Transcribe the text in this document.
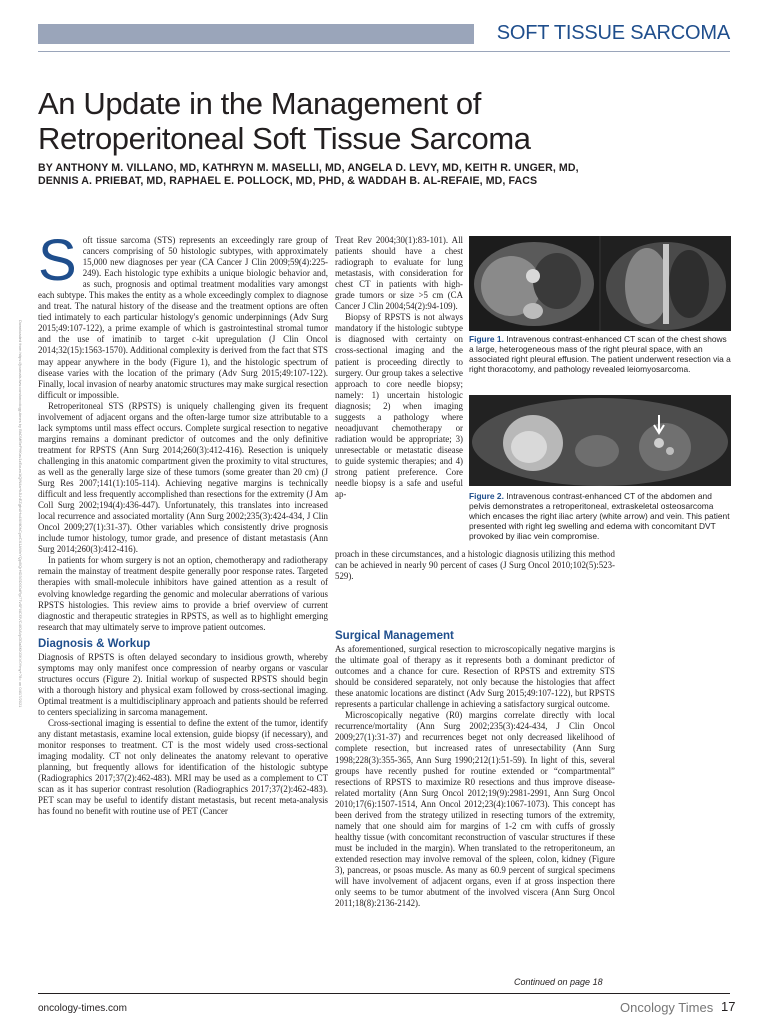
SOFT TISSUE SARCOMA
An Update in the Management of
Retroperitoneal Soft Tissue Sarcoma
BY ANTHONY M. VILLANO, MD, KATHRYN M. MASELLI, MD, ANGELA D. LEVY, MD, KEITH R. UNGER, MD,
DENNIS A. PRIEBAT, MD, RAPHAEL E. POLLOCK, MD, PHD, & WADDAH B. AL-REFAIE, MD, FACS
Downloaded from https://journals.lww.com/oncology-times by BhDMf5ePHKav1zEoum1tQfN4a+kJLhEZgbsIHo4XMi0hCywCX1AWnYQp/IlQrHD3i3D0OdRyi7TvSFl4Cf3VC4/OAVpDDa8KKGKV0Ymy+78= on 04/17/2021
S oft tissue sarcoma (STS) represents an exceedingly rare group of cancers comprising of 50 histologic subtypes, with approximately 15,000 new diagnoses per year (CA Cancer J Clin 2009;59(4):225-249). Each histologic type exhibits a unique biologic behavior and, as such, prognosis and optimal treatment modalities vary amongst each subtype. This makes the entity as a whole exceedingly complex to diagnose and treat. The natural history of the disease and the treatment options are often tied intimately to each particular histology's genomic underpinnings (Adv Surg 2015;49:107-122), a prime example of which is gastrointestinal stromal tumor and the use of imatinib to target c-kit upregulation (J Clin Oncol 2014;32(15):1563-1570). Additional complexity is derived from the fact that STS may appear anywhere in the body (Figure 1), and the histologic spectrum of disease varies with the location of the primary (Adv Surg 2015;49:107-122). Finally, local invasion of nearby anatomic structures may make surgical resection difficult or impossible.

Retroperitoneal STS (RPSTS) is uniquely challenging given its frequent involvement of adjacent organs and the often-large tumor size attributable to a lack symptoms until mass effect occurs. Complete surgical resection to negative margins remains a dominant predictor of outcomes and the only definitive treatment for RPSTS (Ann Surg 2014;260(3):412-416). Resection is uniquely challenging in this anatomic compartment given the proximity to vital structures, as well as the generally large size of these tumors (some greater than 20 cm) (J Surg Res 2007;141(1):105-114). Achieving negative margins is technically difficult and less frequently accomplished than resections for the extremity (J Am Coll Surg 2002;194(4):436-447). Unfortunately, this translates into increased local recurrence and associated mortality (Ann Surg 2002;235(3):424-434, J Clin Oncol 2009;27(1):31-37). Other variables which consistently drive prognosis include tumor histology, tumor grade, and presence of distant metastasis (Ann Surg 2014;260(3):412-416).

In patients for whom surgery is not an option, chemotherapy and radiotherapy remain the mainstay of treatment despite generally poor response rates. Targeted therapies with small-molecule inhibitors have gained attention as a result of evolving knowledge regarding the genomic and molecular aberrations of various RPSTS histologies. This review aims to provide a brief overview of current diagnostic and therapeutic strategies in RPSTS, as well as to highlight emerging research that may ultimately serve to improve patient outcomes.

Diagnosis & Workup

Diagnosis of RPSTS is often delayed secondary to insidious growth, whereby symptoms may only manifest once compression of nearby organs or vascular structures occurs (Figure 2). Initial workup of suspected RPSTS should begin with a thorough history and physical exam followed by cross-sectional imaging. Optimal treatment is a multidisciplinary approach and patients should be referred to centers specializing in sarcoma management.

Cross-sectional imaging is essential to define the extent of the tumor, identify any distant metastasis, examine local extension, guide biopsy (if necessary), and monitor responses to treatment. CT is the most widely used cross-sectional imaging modality. CT not only delineates the anatomy relevant to operative planning, but frequently allows for identification of the histologic subtype (Radiographics 2017;37(2):462-483). MRI may be used as a complement to CT scan as it has superior contrast resolution (Radiographics 2017;37(2):462-483). PET scan may be useful to identify distant metastasis, but recent meta-analysis has found no benefit with routine use of PET (Cancer

Treat Rev 2004;30(1):83-101). All patients should have a chest radiograph to evaluate for lung metastasis, with consideration for chest CT in patients with high-grade tumors or size >5 cm (CA Cancer J Clin 2004;54(2):94-109).

Biopsy of RPSTS is not always mandatory if the histologic subtype is diagnosed with certainty on cross-sectional imaging and the patient is proceeding directly to surgery. Our group takes a selective approach to core needle biopsy; namely: 1) uncertain histologic diagnosis; 2) when imaging suggests a pathology where neoadjuvant chemotherapy or radiation would be appropriate; 3) unresectable or metastatic disease to guide systemic therapies; and 4) strong patient preference. Core needle biopsy is a safe and useful ap-

proach in these circumstances, and a histologic diagnosis utilizing this method can be achieved in nearly 90 percent of cases (J Surg Oncol 2010;102(5):523-529).

Surgical Management

As aforementioned, surgical resection to microscopically negative margins is the ultimate goal of therapy as it represents both a dominant predictor of outcomes and a chance for cure. Resection of RPSTS and extremity STS should be considered separately, not only because the histologies that affect these anatomic locations are distinct (Adv Surg 2015;49:107-122), but RPSTS represents a particular challenge in achieving a satisfactory surgical outcome.

Microscopically negative (R0) margins correlate directly with local recurrence/mortality (Ann Surg 2002;235(3):424-434, J Clin Oncol 2009;27(1):31-37) and recurrences beget not only decreased likelihood of complete resection, but increased rates of unresectability (Ann Surg 1998;228(3):355-365, Ann Surg 1990;212(1):51-59). In light of this, several groups have recently pushed for routine extended or “compartmental” resections of RPSTS to maximize R0 resections and thus improve disease-related mortality (Ann Surg Oncol 2012;19(9):2981-2991, Ann Surg Oncol 2010;17(6):1507-1514, Ann Oncol 2012;23(4):1067-1073). This concept has been derived from the strategy utilized in resecting tumors of the extremity, namely that one should aim for margins of 1-2 cm with cuffs of grossly healthy tissue (with concomitant reconstruction of vascular structures if these must be included in the margin). When translated to the retroperitoneum, an extended resection may involve removal of the spleen, colon, kidney (Figure 3), pancreas, or psoas muscle. As many as 60.9 percent of surgical specimens will have involvement of adjacent organs, even if at gross inspection there only seems to be tumor abutment of the involved viscera (Ann Surg Oncol 2011;18(8):2136-2142).

Figure 1. Intravenous contrast-enhanced CT scan of the chest shows a large, heterogeneous mass of the right pleural space, with an associated right pleural effusion. The patient underwent resection via a right thoracotomy, and pathology revealed leiomyosarcoma.
Figure 2. Intravenous contrast-enhanced CT of the abdomen and pelvis demonstrates a retroperitoneal, extraskeletal osteosarcoma which encases the right iliac artery (white arrow) and vein. This patient presented with right leg swelling and edema with concomitant DVT provoked by iliac vein compromise.
Continued on page 18
oncology-times.com	Oncology Times 17
